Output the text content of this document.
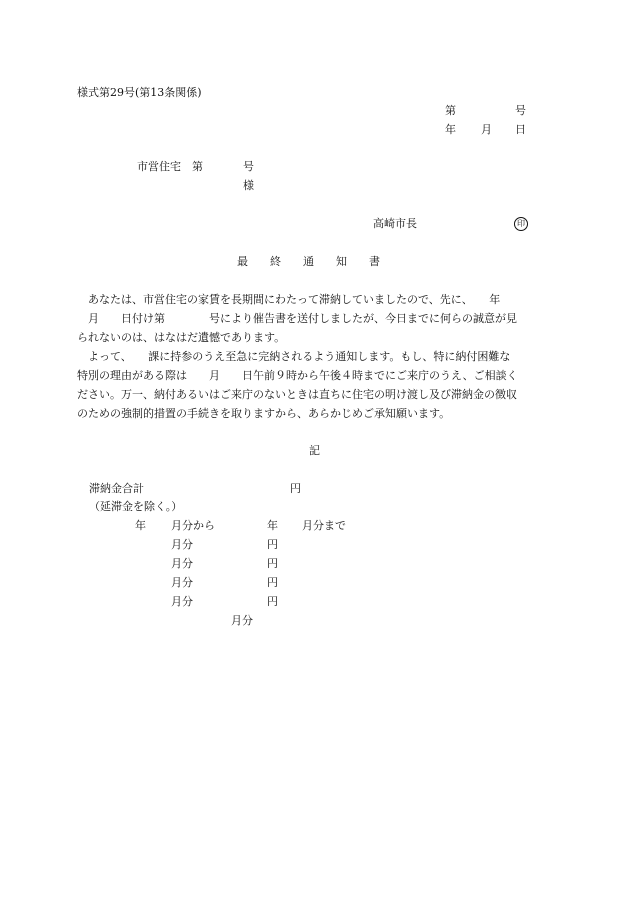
様式第29号(第13条関係)
第	号
年 月 日
市営住宅　第	号
様
高崎市長	印
最　　終　　通　　知　　書
　あなたは、市営住宅の家賃を長期間にわたって滞納していましたので、先に、　　年
　月　　日付け第　　　　号により催告書を送付しましたが、今日までに何らの誠意が見
られないのは、はなはだ遺憾であります。
　よって、　　課に持参のうえ至急に完納されるよう通知します。もし、特に納付困難な
特別の理由がある際は　　月　　日午前９時から午後４時までにご来庁のうえ、ご相談く
ださい。万一、納付あるいはご来庁のないときは直ちに住宅の明け渡し及び滞納金の徴収
のための強制的措置の手続きを取りますから、あらかじめご承知願います。
記
滞納金合計	円
（延滞金を除く。）
年 月分から	年 月分まで
月分	円
月分	円
月分	円
月分	円
月分
